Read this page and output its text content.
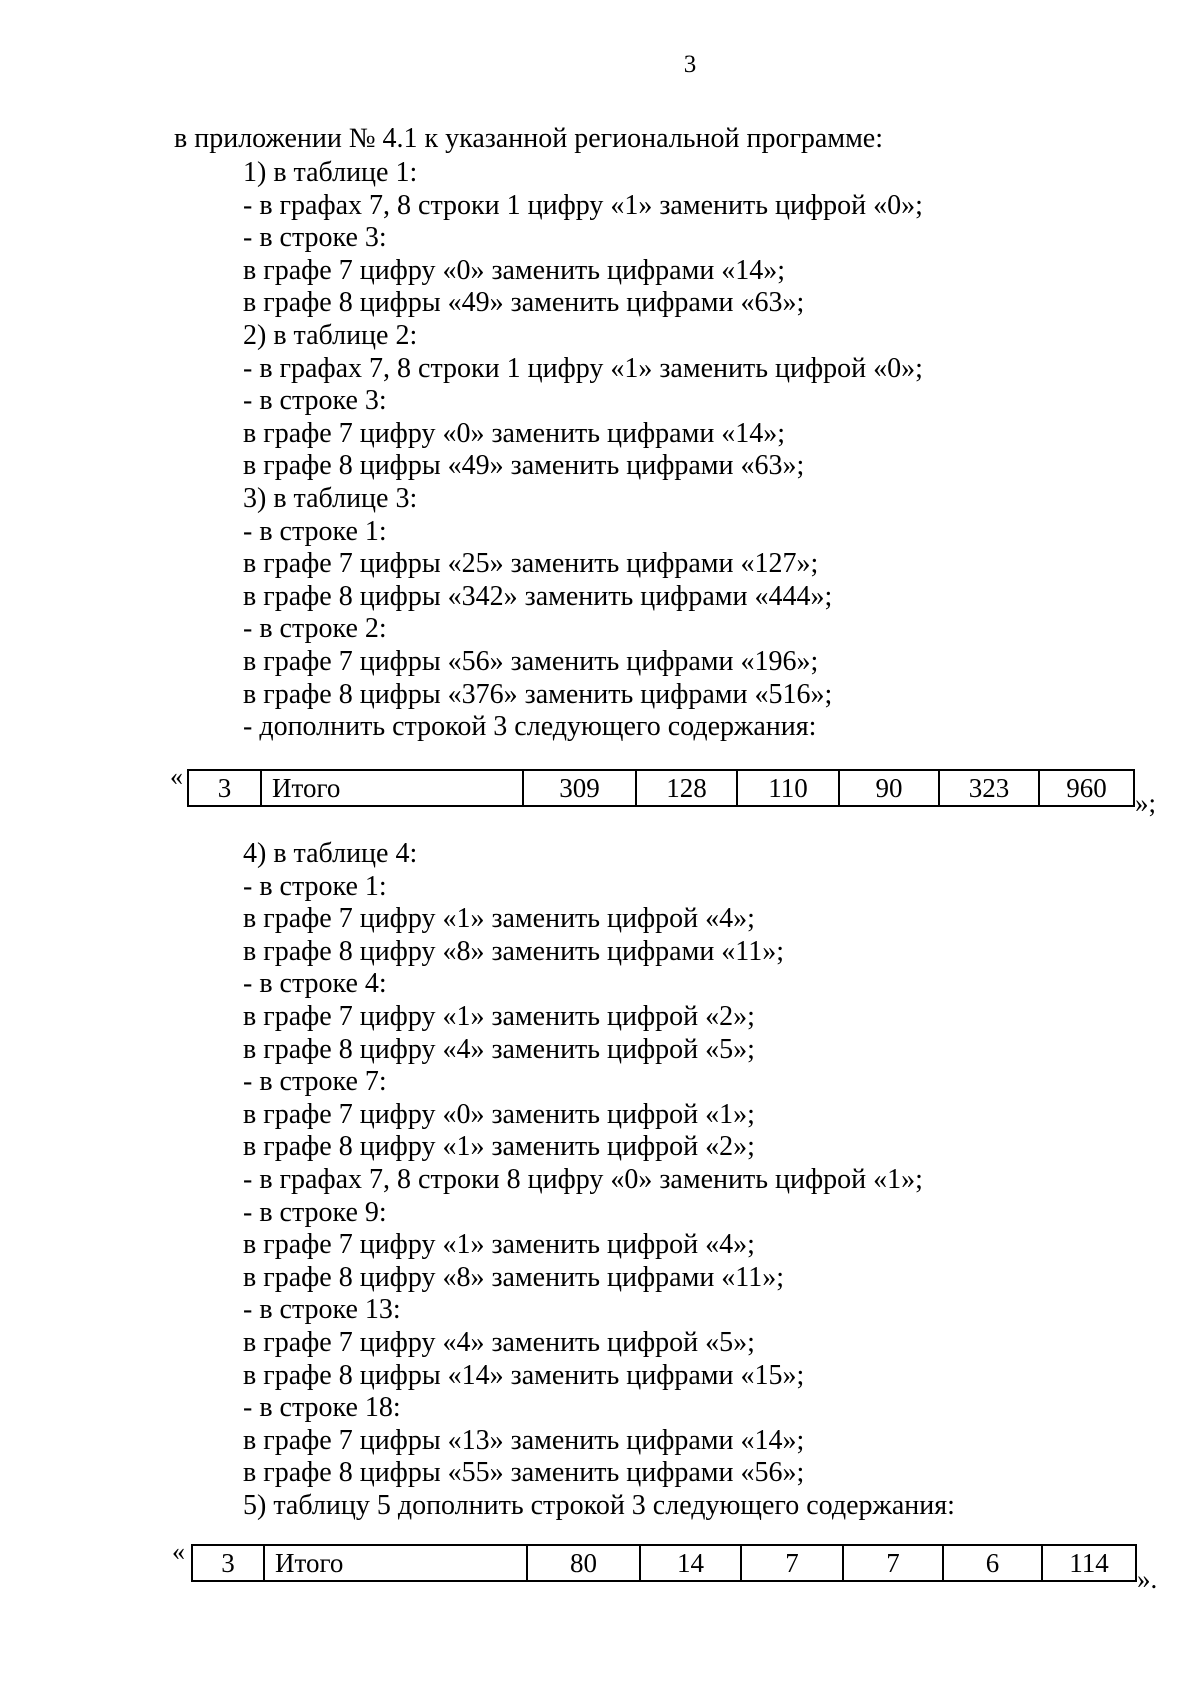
3
в приложении № 4.1 к указанной региональной программе:
1) в таблице 1:
- в графах 7, 8 строки 1 цифру «1» заменить цифрой «0»;
- в строке 3:
в графе 7 цифру «0» заменить цифрами «14»;
в графе 8 цифры «49» заменить цифрами «63»;
2) в таблице 2:
- в графах 7, 8 строки 1 цифру «1» заменить цифрой «0»;
- в строке 3:
в графе 7 цифру «0» заменить цифрами «14»;
в графе 8 цифры «49» заменить цифрами «63»;
3) в таблице 3:
- в строке 1:
в графе 7 цифры «25» заменить цифрами «127»;
в графе 8 цифры «342» заменить цифрами «444»;
- в строке 2:
в графе 7 цифры «56» заменить цифрами «196»;
в графе 8 цифры «376» заменить цифрами «516»;
- дополнить строкой 3 следующего содержания:
« 3	Итого	309	128	110	90	323	960
»;
4) в таблице 4:
- в строке 1:
в графе 7 цифру «1» заменить цифрой «4»;
в графе 8 цифру «8» заменить цифрами «11»;
- в строке 4:
в графе 7 цифру «1» заменить цифрой «2»;
в графе 8 цифру «4» заменить цифрой «5»;
- в строке 7:
в графе 7 цифру «0» заменить цифрой «1»;
в графе 8 цифру «1» заменить цифрой «2»;
- в графах 7, 8 строки 8 цифру «0» заменить цифрой «1»;
- в строке 9:
в графе 7 цифру «1» заменить цифрой «4»;
в графе 8 цифру «8» заменить цифрами «11»;
- в строке 13:
в графе 7 цифру «4» заменить цифрой «5»;
в графе 8 цифры «14» заменить цифрами «15»;
- в строке 18:
в графе 7 цифры «13» заменить цифрами «14»;
в графе 8 цифры «55» заменить цифрами «56»;
5) таблицу 5 дополнить строкой 3 следующего содержания:
« 3	Итого	80	14	7	7	6	114
».
